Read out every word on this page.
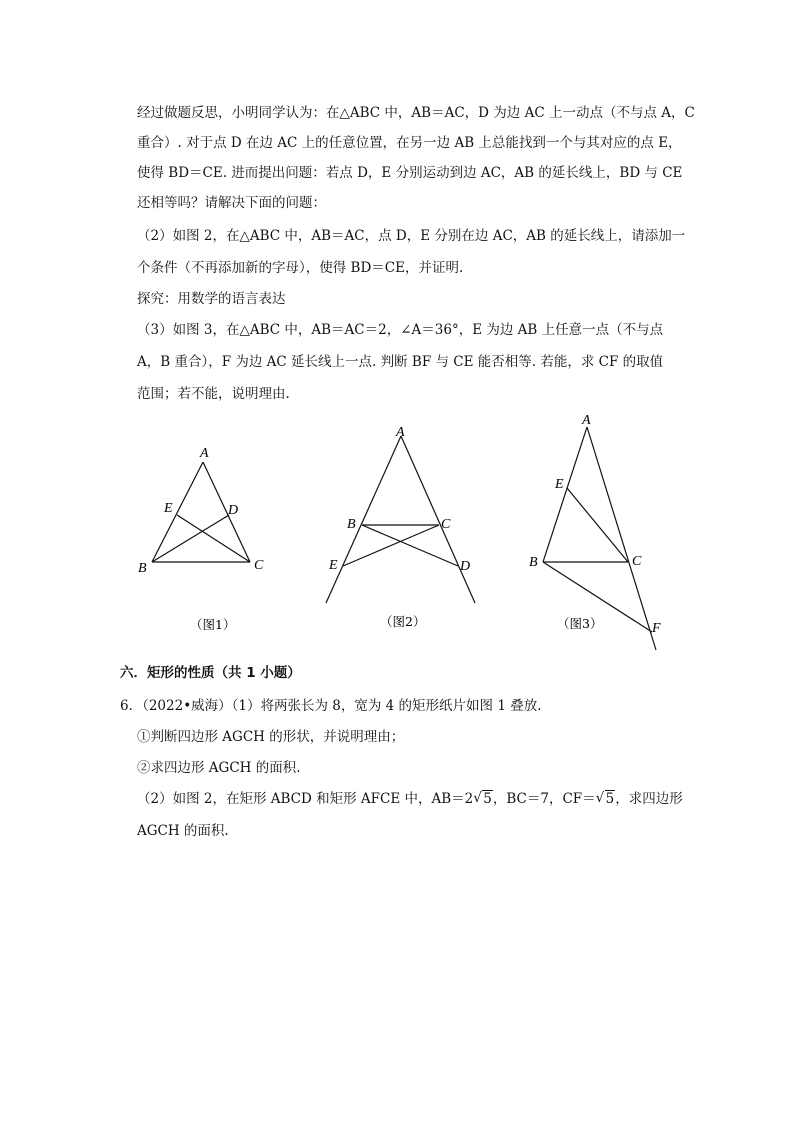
经过做题反思，小明同学认为：在△ABC 中，AB＝AC，D 为边 AC 上一动点（不与点 A，C
重合）. 对于点 D 在边 AC 上的任意位置，在另一边 AB 上总能找到一个与其对应的点 E，
使得 BD＝CE. 进而提出问题：若点 D，E 分别运动到边 AC，AB 的延长线上，BD 与 CE
还相等吗？请解决下面的问题：
（2）如图 2，在△ABC 中，AB＝AC，点 D，E 分别在边 AC，AB 的延长线上，请添加一
个条件（不再添加新的字母），使得 BD＝CE，并证明.
探究：用数学的语言表达
（3）如图 3，在△ABC 中，AB＝AC＝2，∠A＝36°，E 为边 AB 上任意一点（不与点
A，B 重合），F 为边 AC 延长线上一点. 判断 BF 与 CE 能否相等. 若能，求 CF 的取值
范围；若不能，说明理由.
A
B	C
D
E
（图1）
A
B	C
D
E
（图2）
A
B	C
E
F
（图3）
六．矩形的性质（共 1 小题）
6．（2022•威海）（1）将两张长为 8，宽为 4 的矩形纸片如图 1 叠放.
①判断四边形 AGCH 的形状，并说明理由；
②求四边形 AGCH 的面积.
（2）如图 2，在矩形 ABCD 和矩形 AFCE 中，AB＝2 √ 5，BC＝7，CF＝ √ 5，求四边形
AGCH 的面积.
